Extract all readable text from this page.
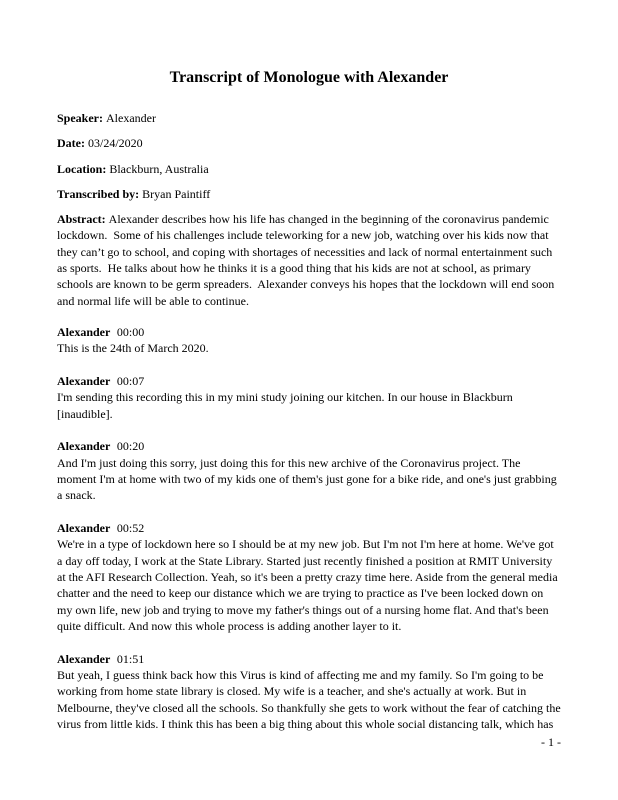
Transcript of Monologue with Alexander

Speaker: Alexander

Date: 03/24/2020

Location: Blackburn, Australia

Transcribed by: Bryan Paintiff

Abstract: Alexander describes how his life has changed in the beginning of the coronavirus pandemic lockdown.  Some of his challenges include teleworking for a new job, watching over his kids now that they can’t go to school, and coping with shortages of necessities and lack of normal entertainment such as sports.  He talks about how he thinks it is a good thing that his kids are not at school, as primary schools are known to be germ spreaders.  Alexander conveys his hopes that the lockdown will end soon and normal life will be able to continue.

Alexander 00:00

This is the 24th of March 2020.

Alexander 00:07

I'm sending this recording this in my mini study joining our kitchen. In our house in Blackburn [inaudible].

Alexander 00:20

And I'm just doing this sorry, just doing this for this new archive of the Coronavirus project. The moment I'm at home with two of my kids one of them's just gone for a bike ride, and one's just grabbing a snack.

Alexander 00:52

We're in a type of lockdown here so I should be at my new job. But I'm not I'm here at home. We've got a day off today, I work at the State Library. Started just recently finished a position at RMIT University at the AFI Research Collection. Yeah, so it's been a pretty crazy time here. Aside from the general media chatter and the need to keep our distance which we are trying to practice as I've been locked down on my own life, new job and trying to move my father's things out of a nursing home flat. And that's been quite difficult. And now this whole process is adding another layer to it.

Alexander 01:51

But yeah, I guess think back how this Virus is kind of affecting me and my family. So I'm going to be working from home state library is closed. My wife is a teacher, and she's actually at work. But in Melbourne, they've closed all the schools. So thankfully she gets to work without the fear of catching the virus from little kids. I think this has been a big thing about this whole social distancing talk, which has

- 1 -
